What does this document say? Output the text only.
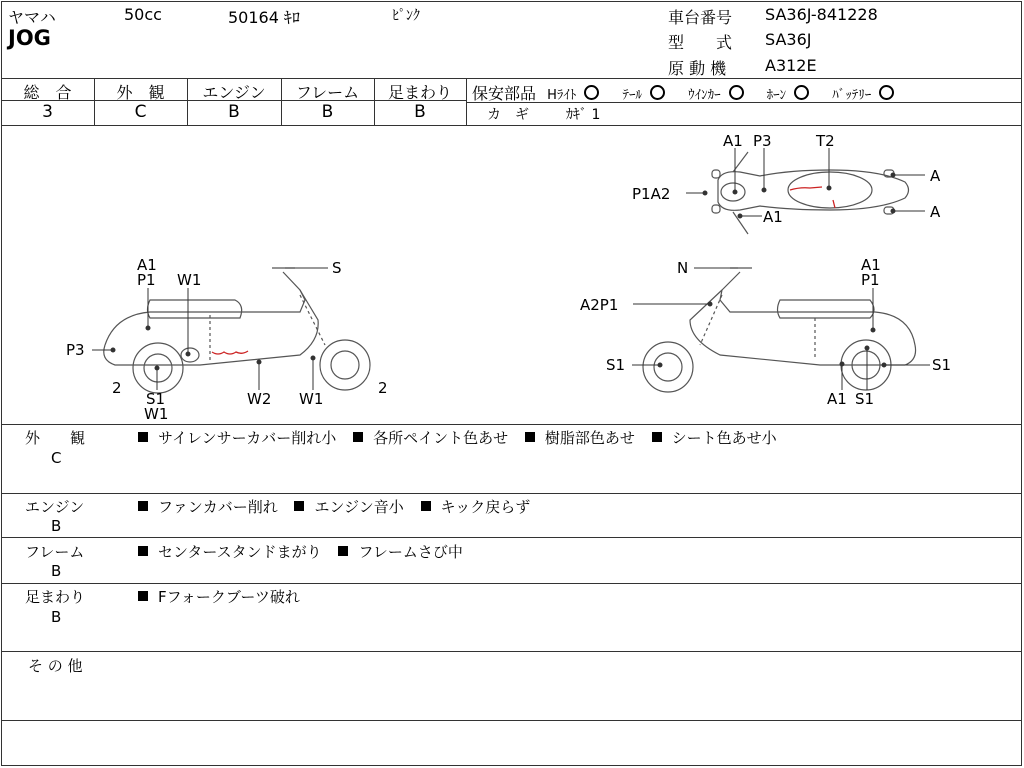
ヤマハ	50cc	50164 ｷﾛ	ﾋﾟﾝｸ
JOG
車台番号 SA36J-841228
型　　式 SA36J
原 動 機 A312E
総　合
3
外　観
C
エンジン
B
フレーム
B
足まわり
B
保安部品 Hﾗｲﾄ	ﾃｰﾙ	ｳｲﾝｶｰ	ﾎｰﾝ	ﾊﾞｯﾃﾘｰ
カ　ギ	ｶｷﾞ 1
A1 P3	T2
P1A2
A1
A
A
A1
P1 W1
S
P3
2
S1
W1
W2 W1
2
N	A1
P1
A2P1
S1	S1
A1 S1
外　　観
C
サイレンサーカバー削れ小 各所ペイント色あせ 樹脂部色あせ シート色あせ小
エンジン
B
ファンカバー削れ エンジン音小 キック戻らず
フレーム
B
センタースタンドまがり フレームさび中
足まわり
B
Fフォークブーツ破れ
そ の 他
